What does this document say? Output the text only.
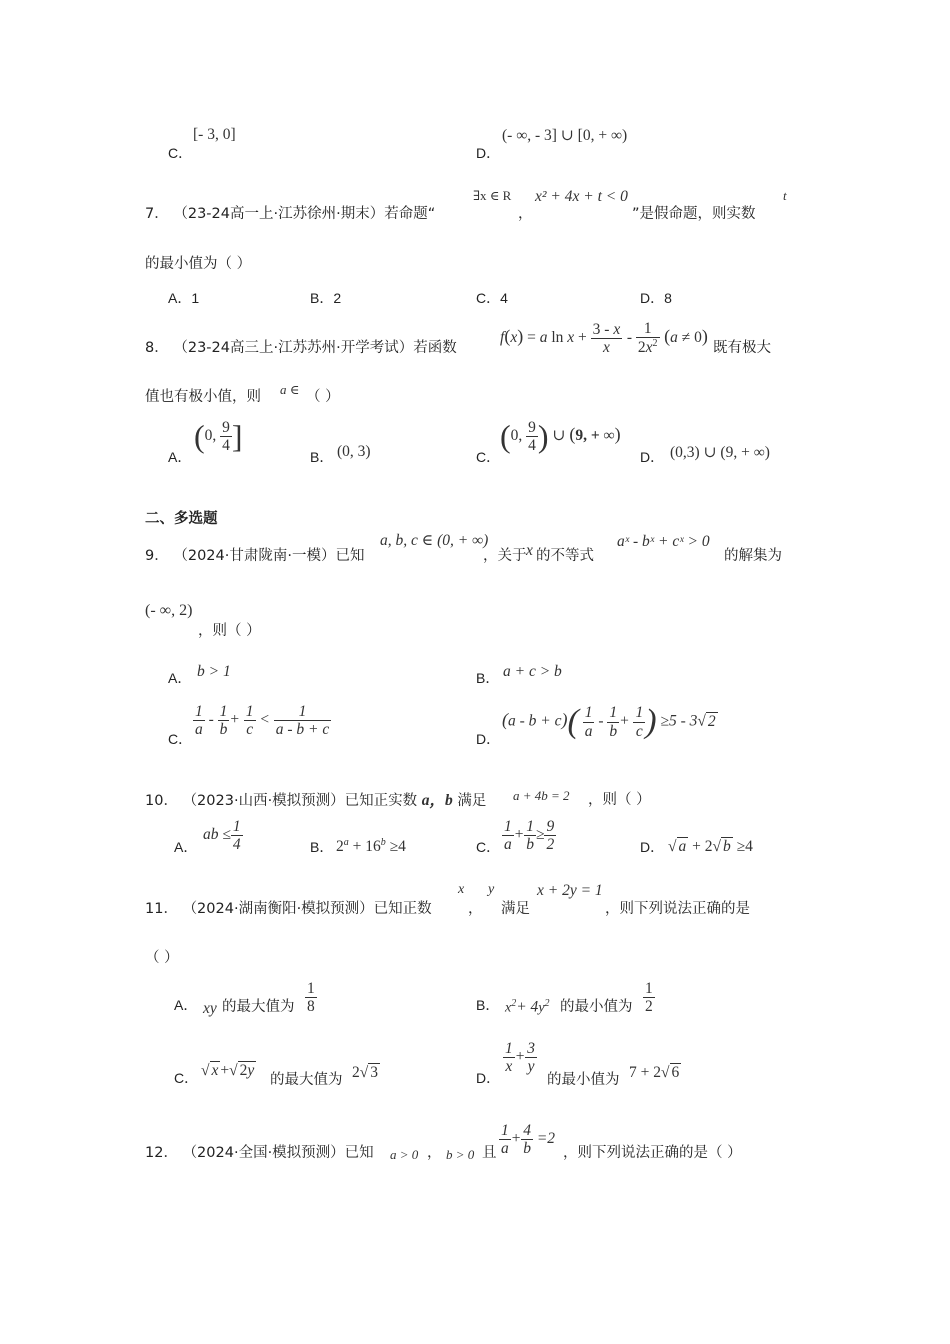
C．
[- 3, 0]
D．
(- ∞, - 3] ∪ [0, + ∞)
7． （23-24高一上·江苏徐州·期末）若命题“
∃x ∈ R
，
x² + 4x + t < 0
”是假命题，则实数
t
的最小值为（ ）
A．1	B．2	C．4	D．8
8． （23-24高三上·江苏苏州·开学考试）若函数
f(x) = a $\ln x + \frac{3 - x}{x} - \frac{1}{2x^2} (a \ne 0)$
既有极大
值也有极小值，则 a ∈ （ ）
A．
(0, $\frac{9}{4}$ ]
B． (0, 3)	C．
(0, $\frac{9}{4}$ ) ∪ (9, + ∞)
D． (0,3) ∪ (9, + ∞)
二、多选题
9． （2024·甘肃陇南·一模）已知
a, b, c ∈ (0, + ∞)
，关于 x 的不等式
aˣ - bˣ + cˣ > 0
的解集为
(- ∞, 2)
，则（ ）
A． b > 1	B． a + c > b
C．
$\frac{1}{a} - \frac{1}{b} + \frac{1}{c} < \frac{1}{a - b + c}$
D．
$(a - b + c)( \frac{1}{a} - \frac{1}{b} + \frac{1}{c}$ ) ≥5 - 3√ 2
10． （2023·山西·模拟预测）已知正实数 a，b 满足 a + 4b = 2 ，则（ ）
A．
ab ≤ $\frac{1}{4}$	B． $2^a + 16^b \ge 4$	C． $\frac{1}{a} + \frac{1}{b} \ge \frac{9}{2}$	D． √ a + 2√ b ≥4
11． （2024·湖南衡阳·模拟预测）已知正数
x
，
y
满足
x + 2y = 1
，则下列说法正确的是
（ ）
A． xy 的最大值为 $\frac{1}{8}$	B． $x^2+ 4y^2$ 的最小值为 $\frac{1}{2}$
C． √ x +√ 2y
的最大值为 2√ 3	D．
$\frac{1}{x} + \frac{3}{y}$
的最小值为 7 + 2√ 6
12． （2024·全国·模拟预测）已知 a > 0 ， b > 0 且 $\frac{1}{a} + \frac{4}{b} =2$
，则下列说法正确的是（ ）
